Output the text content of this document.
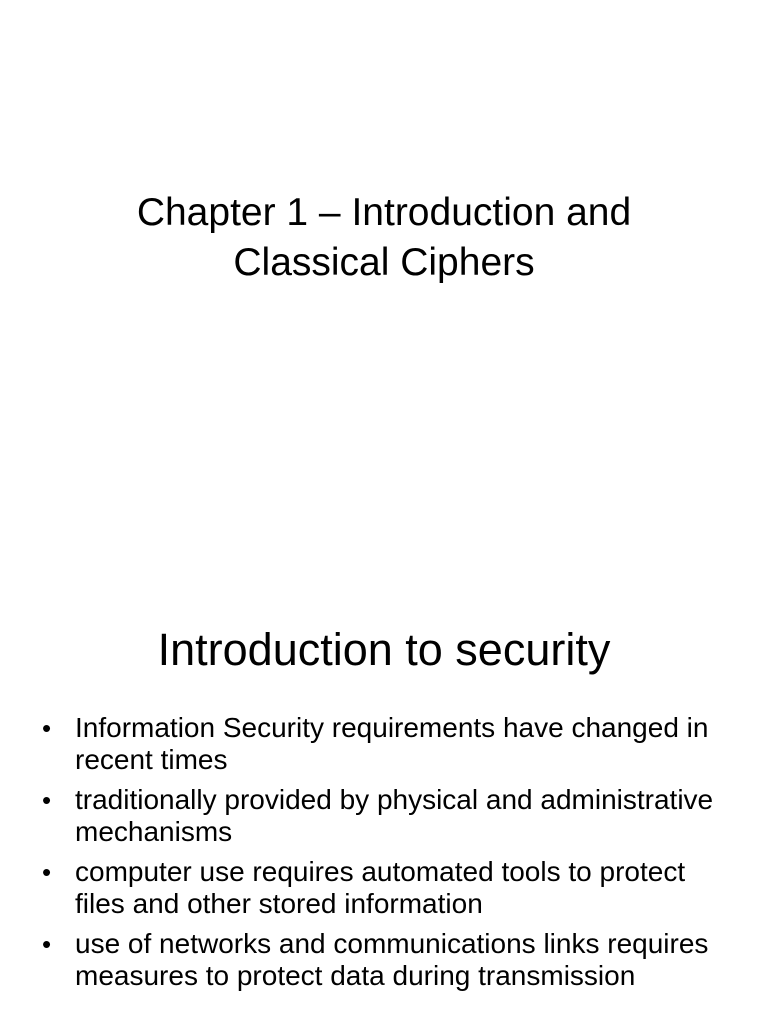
Chapter 1 – Introduction and
Classical Ciphers
Introduction to security
• Information Security requirements have changed in recent times
• traditionally provided by physical and administrative mechanisms
• computer use requires automated tools to protect files and other stored information
• use of networks and communications links requires measures to protect data during transmission
